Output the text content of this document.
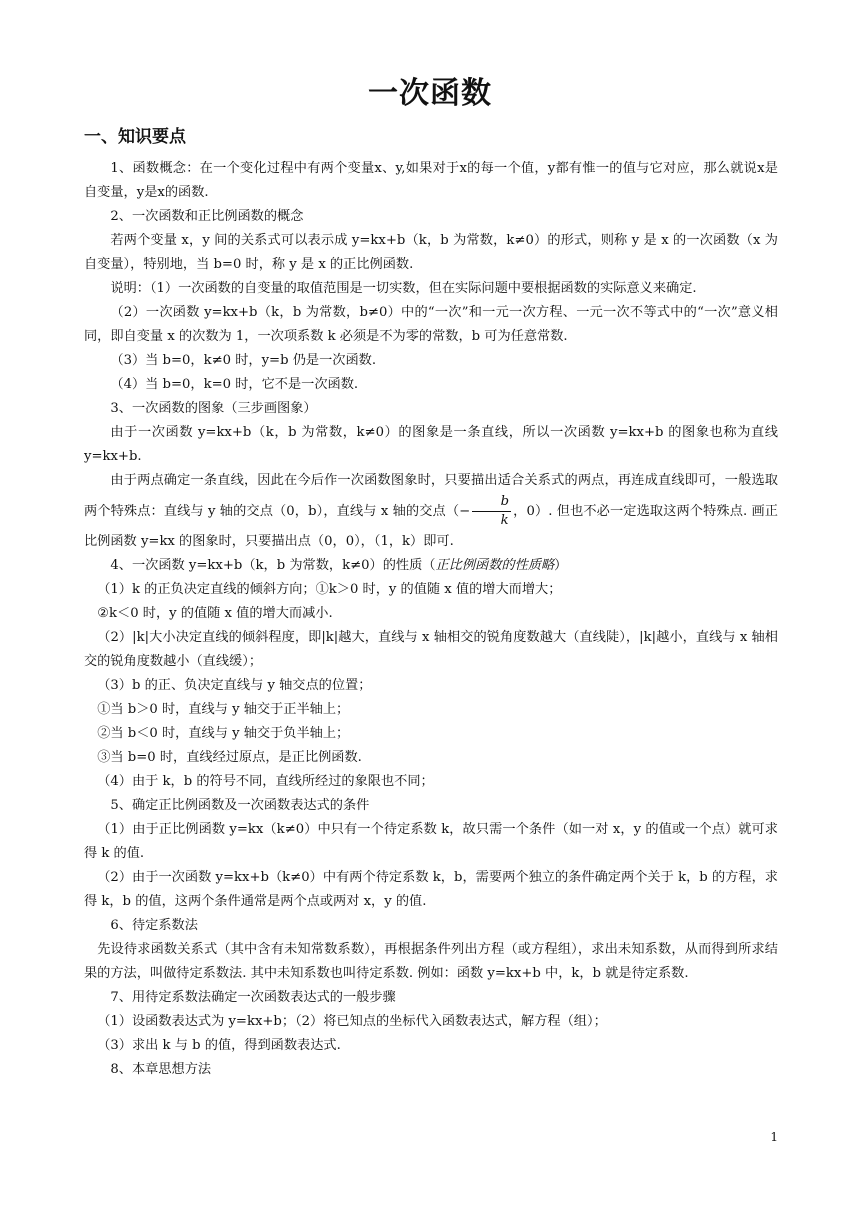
一次函数
一、知识要点

1、函数概念：在一个变化过程中有两个变量x、y,如果对于x的每一个值，y都有惟一的值与它对应，那么就说x是自变量，y是x的函数.

2、一次函数和正比例函数的概念

若两个变量 x，y 间的关系式可以表示成 y=kx+b（k，b 为常数，k≠0）的形式，则称 y 是 x 的一次函数（x 为自变量），特别地，当 b=0 时，称 y 是 x 的正比例函数.

说明：（1）一次函数的自变量的取值范围是一切实数，但在实际问题中要根据函数的实际意义来确定.

（2）一次函数 y=kx+b（k，b 为常数，b≠0）中的“一次”和一元一次方程、一元一次不等式中的“一次”意义相同，即自变量 x 的次数为 1，一次项系数 k 必须是不为零的常数，b 可为任意常数.

（3）当 b=0，k≠0 时，y=b 仍是一次函数.

（4）当 b=0，k=0 时，它不是一次函数.

3、一次函数的图象（三步画图象）

由于一次函数 y=kx+b（k，b 为常数，k≠0）的图象是一条直线，所以一次函数 y=kx+b 的图象也称为直线 y=kx+b.

由于两点确定一条直线，因此在今后作一次函数图象时，只要描出适合关系式的两点，再连成直线即可，一般选取两个特殊点：直线与 y 轴的交点（0，b），直线与 x 轴的交点（− $\frac{b}{k}$ ，0）. 但也不必一定选取这两个特殊点. 画正比例函数 y=kx 的图象时，只要描出点（0，0），（1，k）即可.

4、一次函数 y=kx+b（k，b 为常数，k≠0）的性质（正比例函数的性质略）

（1）k 的正负决定直线的倾斜方向；①k＞0 时，y 的值随 x 值的增大而增大；

②k＜0 时，y 的值随 x 值的增大而减小.

（2）|k|大小决定直线的倾斜程度，即|k|越大，直线与 x 轴相交的锐角度数越大（直线陡），|k|越小，直线与 x 轴相交的锐角度数越小（直线缓）；

（3）b 的正、负决定直线与 y 轴交点的位置；

①当 b＞0 时，直线与 y 轴交于正半轴上；

②当 b＜0 时，直线与 y 轴交于负半轴上；

③当 b=0 时，直线经过原点，是正比例函数.

（4）由于 k，b 的符号不同，直线所经过的象限也不同；

5、确定正比例函数及一次函数表达式的条件

（1）由于正比例函数 y=kx（k≠0）中只有一个待定系数 k，故只需一个条件（如一对 x，y 的值或一个点）就可求得 k 的值.

（2）由于一次函数 y=kx+b（k≠0）中有两个待定系数 k，b，需要两个独立的条件确定两个关于 k，b 的方程，求得 k，b 的值，这两个条件通常是两个点或两对 x，y 的值.

6、待定系数法

先设待求函数关系式（其中含有未知常数系数），再根据条件列出方程（或方程组），求出未知系数，从而得到所求结果的方法，叫做待定系数法. 其中未知系数也叫待定系数. 例如：函数 y=kx+b 中，k，b 就是待定系数.

7、用待定系数法确定一次函数表达式的一般步骤

（1）设函数表达式为 y=kx+b；（2）将已知点的坐标代入函数表达式，解方程（组）；

（3）求出 k 与 b 的值，得到函数表达式.

8、本章思想方法

1
